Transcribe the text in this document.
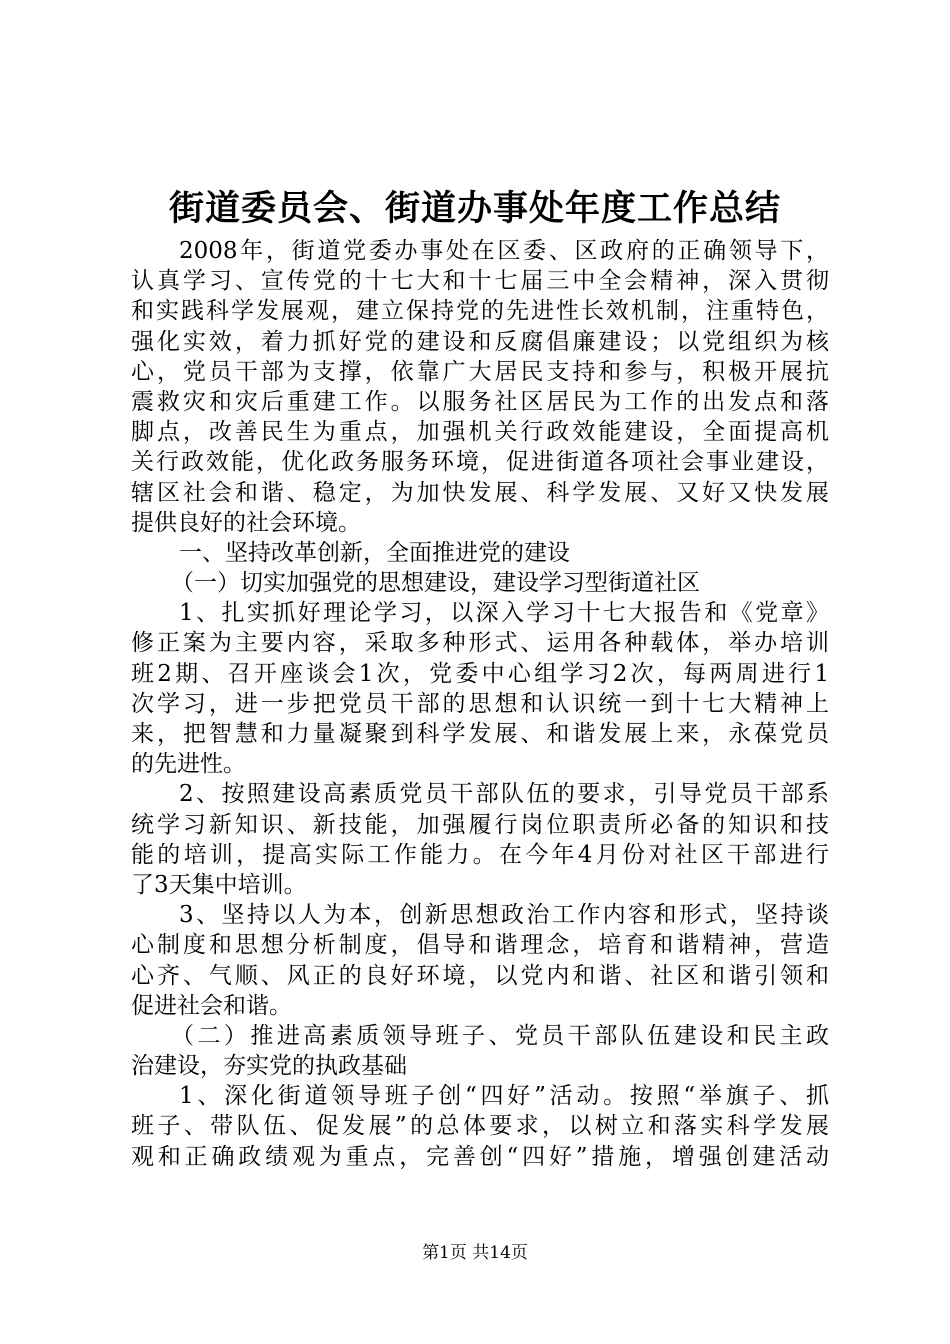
街道委员会、街道办事处年度工作总结
2008年，街道党委办事处在区委、区政府的正确领导下，
认真学习、宣传党的十七大和十七届三中全会精神，深入贯彻
和实践科学发展观，建立保持党的先进性长效机制，注重特色，
强化实效，着力抓好党的建设和反腐倡廉建设；以党组织为核
心，党员干部为支撑，依靠广大居民支持和参与，积极开展抗
震救灾和灾后重建工作。以服务社区居民为工作的出发点和落
脚点，改善民生为重点，加强机关行政效能建设，全面提高机
关行政效能，优化政务服务环境，促进街道各项社会事业建设，
辖区社会和谐、稳定，为加快发展、科学发展、又好又快发展
提供良好的社会环境。
一、坚持改革创新，全面推进党的建设
（一）切实加强党的思想建设，建设学习型街道社区
1、扎实抓好理论学习，以深入学习十七大报告和《党章》
修正案为主要内容，采取多种形式、运用各种载体，举办培训
班2期、召开座谈会1次，党委中心组学习2次，每两周进行1
次学习，进一步把党员干部的思想和认识统一到十七大精神上
来，把智慧和力量凝聚到科学发展、和谐发展上来，永葆党员
的先进性。
2、按照建设高素质党员干部队伍的要求，引导党员干部系
统学习新知识、新技能，加强履行岗位职责所必备的知识和技
能的培训，提高实际工作能力。在今年4月份对社区干部进行
了3天集中培训。
3、坚持以人为本，创新思想政治工作内容和形式，坚持谈
心制度和思想分析制度，倡导和谐理念，培育和谐精神，营造
心齐、气顺、风正的良好环境，以党内和谐、社区和谐引领和
促进社会和谐。
（二）推进高素质领导班子、党员干部队伍建设和民主政
治建设，夯实党的执政基础
1、深化街道领导班子创“四好”活动。按照“举旗子、抓
班子、带队伍、促发展”的总体要求，以树立和落实科学发展
观和正确政绩观为重点，完善创“四好”措施，增强创建活动
第1页 共14页
